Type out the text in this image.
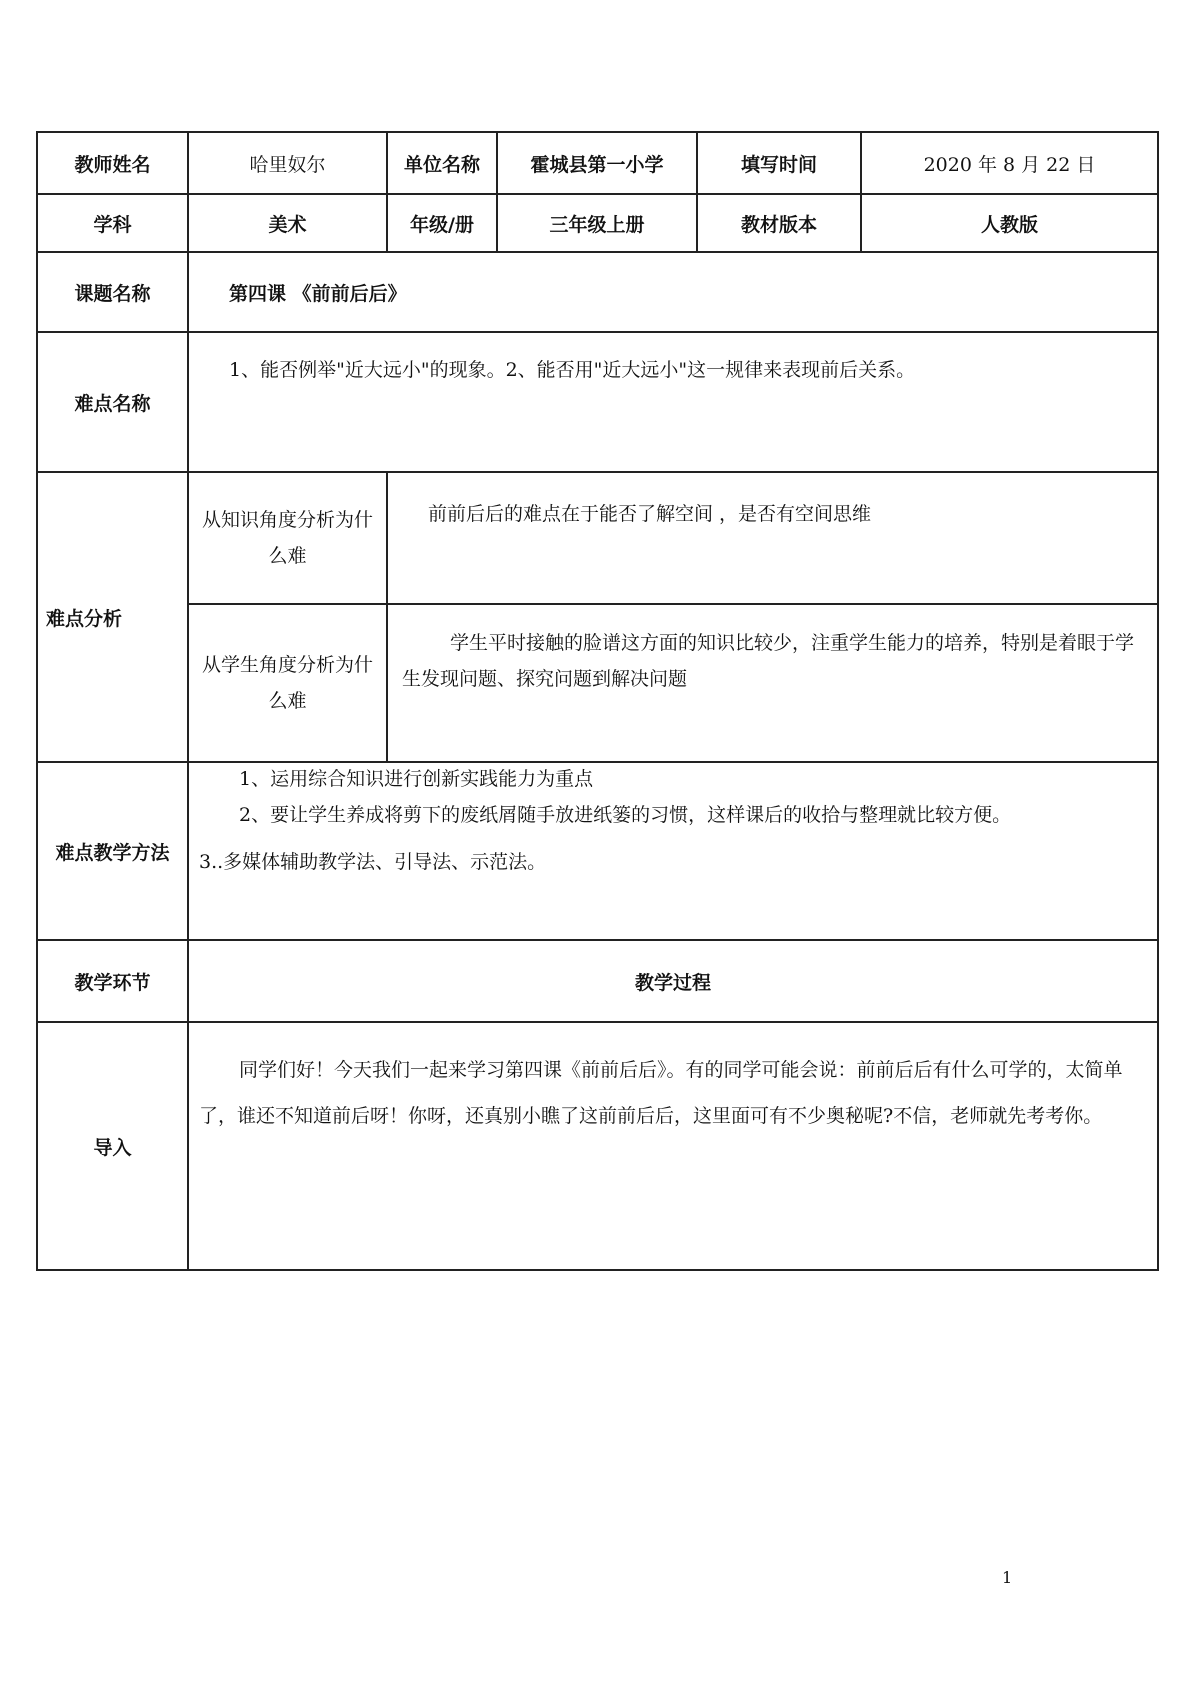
教师姓名	哈里奴尔	单位名称	霍城县第一小学	填写时间	2020 年 8 月 22 日
学科	美术	年级/册	三年级上册	教材版本	人教版
课题名称	第四课 《前前后后》				
难点名称	1、能否例举"近大远小"的现象。2、能否用"近大远小"这一规律来表现前后关系。				
难点分析	从知识角度分析为什么难	前前后后的难点在于能否了解空间 ，是否有空间思维			
	从学生角度分析为什么难	学生平时接触的脸谱这方面的知识比较少，注重学生能力的培养，特别是着眼于学生发现问题、探究问题到解决问题			
难点教学方法	1、运用综合知识进行创新实践能力为重点
2、要让学生养成将剪下的废纸屑随手放进纸篓的习惯，这样课后的收拾与整理就比较方便。
3..多媒体辅助教学法、引导法、示范法。				

教学环节	教学过程				
导入	同学们好！今天我们一起来学习第四课《前前后后》。有的同学可能会说：前前后后有什么可学的，太简单了，谁还不知道前后呀！你呀，还真别小瞧了这前前后后，这里面可有不少奥秘呢?不信，老师就先考考你。				
1
